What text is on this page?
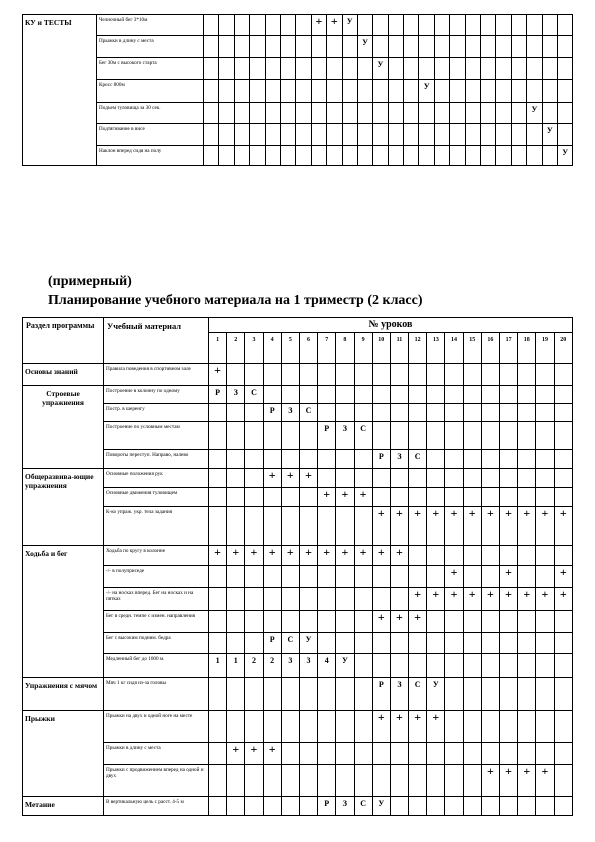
КУ и ТЕСТЫ	Челночный бег 3*10м								+	+	У														
	Прыжки в длину с места											У													
	Бег 30м с высокого старта												У												
	Кросс 800м															У									
	Подъем туловища за 30 сек.																						У		
	Подтягивание в висе																							У	
	Наклон вперед сидя на полу																								У
(примерный)
Планирование учебного материала на 1 триместр (2 класс)
Раздел программы	Учебный материал	№ уроков																			
		1	2	3	4	5	6	7	8	9	10	11	12	13	14	15	16	17	18	19	20
Основы знаний	Правила поведения в спортивном зале	+																			
Строевые упражнения	Построение в колонну по одному	Р	З	С																	
	Постр. в шеренгу				Р	З	С														
	Построение по условным местам							Р	З	С											
	Повороты переступ. Направо, налево										Р	З	С								
Общеразвива-ющие упражнения	Основные положения рук				+	+	+														
	Основные движения туловищем							+	+	+											
	К-ко упраж. укр. тела задания										+	+	+	+	+	+	+	+	+	+	+
Ходьба и бег	Ходьба по кругу в колонне	+	+	+	+	+	+	+	+	+	+	+									
	-/- в полуприседе														+			+			+
	-/- на носках вперед. Бег на носках и на пятках												+	+	+	+	+	+	+	+	+
	Бег в средн. темпе с измен. направления										+	+	+								
	Бег с высоким подним. бедра				Р	С	У														
	Медленный бег до 1000 м.	1	1	2	2	3	3	4	У												
Упражнения с мячом	Мяч 1 кг сидя из-за головы										Р	З	С	У							
Прыжки	Прыжки на двух и одной ноге на месте										+	+	+	+							
	Прыжки в длину с места		+	+	+																
	Прыжки с продвижением вперед на одной и двух																+	+	+	+	
Метание	В вертикальную цель с расст. 4-5 м							Р	З	С	У										
